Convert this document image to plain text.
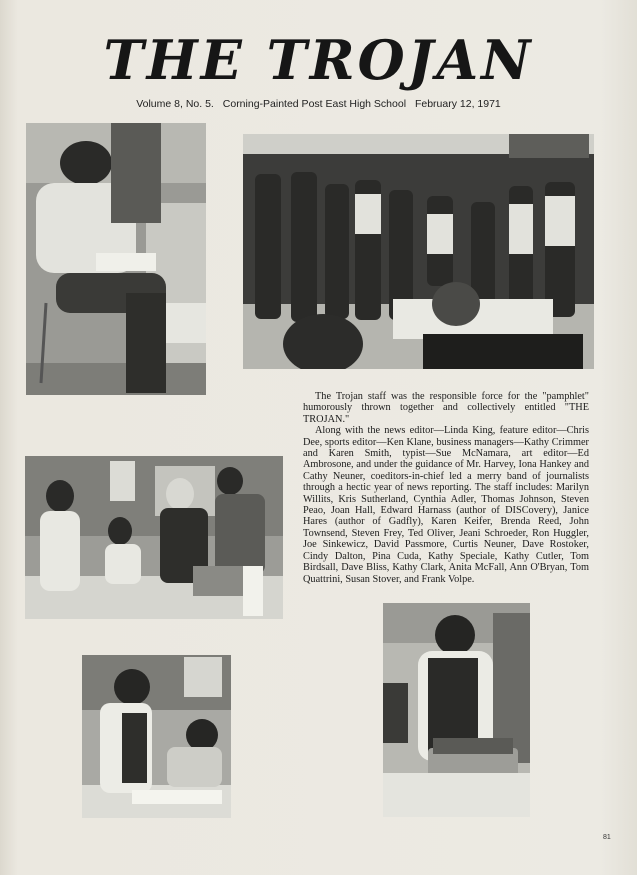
THE TROJAN
Volume 8, No. 5. Corning-Painted Post East High School February 12, 1971

The Trojan staff was the responsible force for the "pamphlet" humorously thrown together and collectively entitled "THE TROJAN."

Along with the news editor—Linda King, feature editor—Chris Dee, sports editor—Ken Klane, business managers—Kathy Crimmer and Karen Smith, typist—Sue McNamara, art editor—Ed Ambrosone, and under the guidance of Mr. Harvey, Iona Hankey and Cathy Neuner, coeditors-in-chief led a merry band of journalists through a hectic year of news reporting. The staff includes: Marilyn Willits, Kris Sutherland, Cynthia Adler, Thomas Johnson, Steven Peao, Joan Hall, Edward Harnass (author of DISCovery), Janice Hares (author of Gadfly), Karen Keifer, Brenda Reed, John Townsend, Steven Frey, Ted Oliver, Jeani Schroeder, Ron Huggler, Joe Sinkewicz, David Passmore, Curtis Neuner, Dave Rostoker, Cindy Dalton, Pina Cuda, Kathy Speciale, Kathy Cutler, Tom Birdsall, Dave Bliss, Kathy Clark, Anita McFall, Ann O'Bryan, Tom Quattrini, Susan Stover, and Frank Volpe.

81
